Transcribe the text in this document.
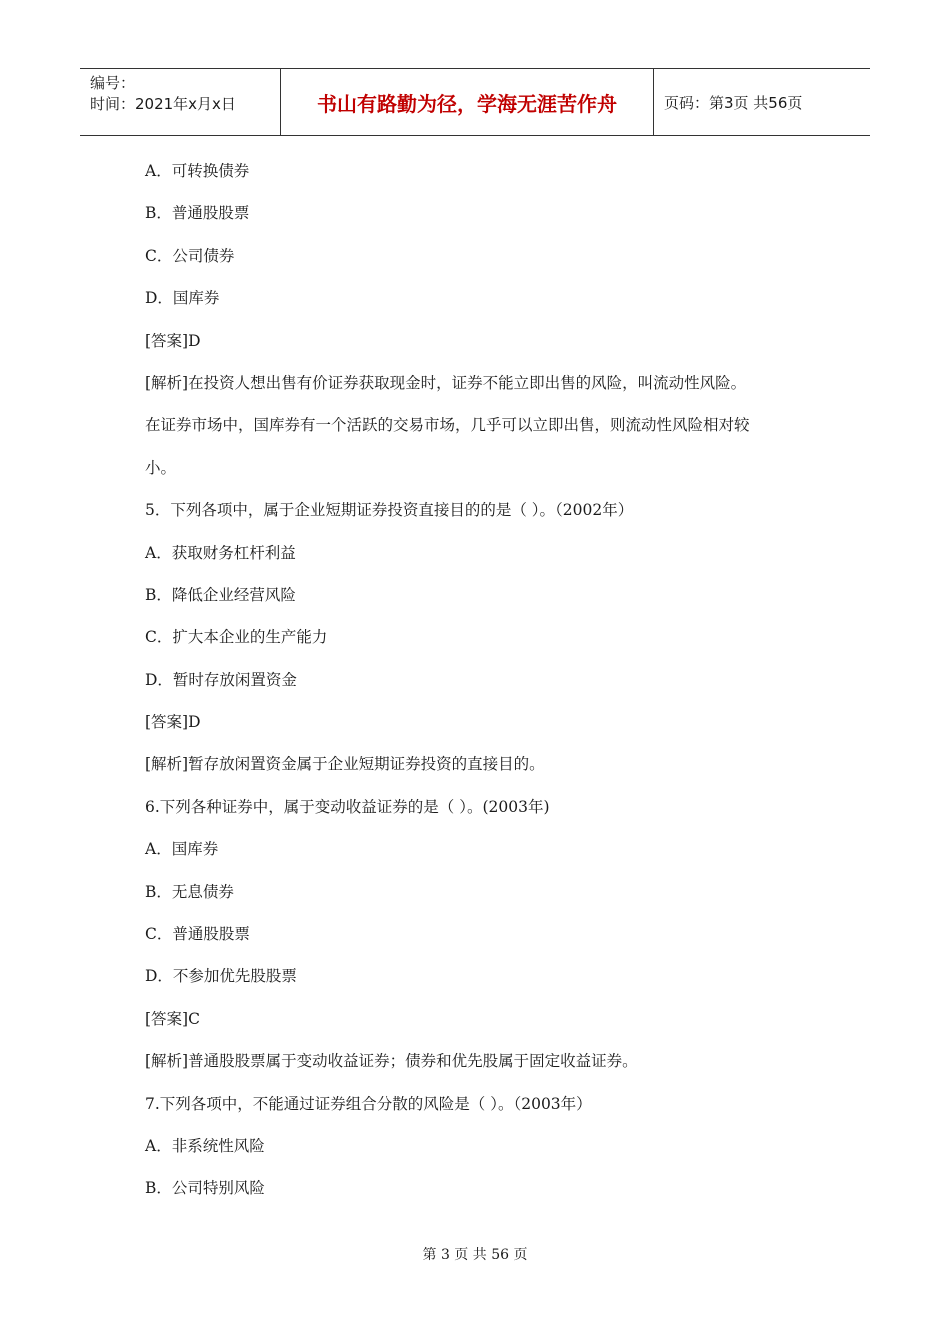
编号：
时间：2021年x月x日	书山有路勤为径，学海无涯苦作舟	页码：第3页 共56页
A．可转换债券
B．普通股股票
C．公司债券
D．国库券
[答案]D
[解析]在投资人想出售有价证券获取现金时，证券不能立即出售的风险，叫流动性风险。
在证券市场中，国库券有一个活跃的交易市场，几乎可以立即出售，则流动性风险相对较
小。
5．下列各项中，属于企业短期证券投资直接目的的是（ ）。（2002年）
A．获取财务杠杆利益
B．降低企业经营风险
C．扩大本企业的生产能力
D．暂时存放闲置资金
[答案]D
[解析]暂存放闲置资金属于企业短期证券投资的直接目的。
6.下列各种证券中，属于变动收益证券的是（ ）。(2003年)
A．国库券
B．无息债券
C．普通股股票
D．不参加优先股股票
[答案]C
[解析]普通股股票属于变动收益证券；债券和优先股属于固定收益证券。
7.下列各项中，不能通过证券组合分散的风险是（ ）。（2003年）
A．非系统性风险
B．公司特别风险
第 3 页 共 56 页
